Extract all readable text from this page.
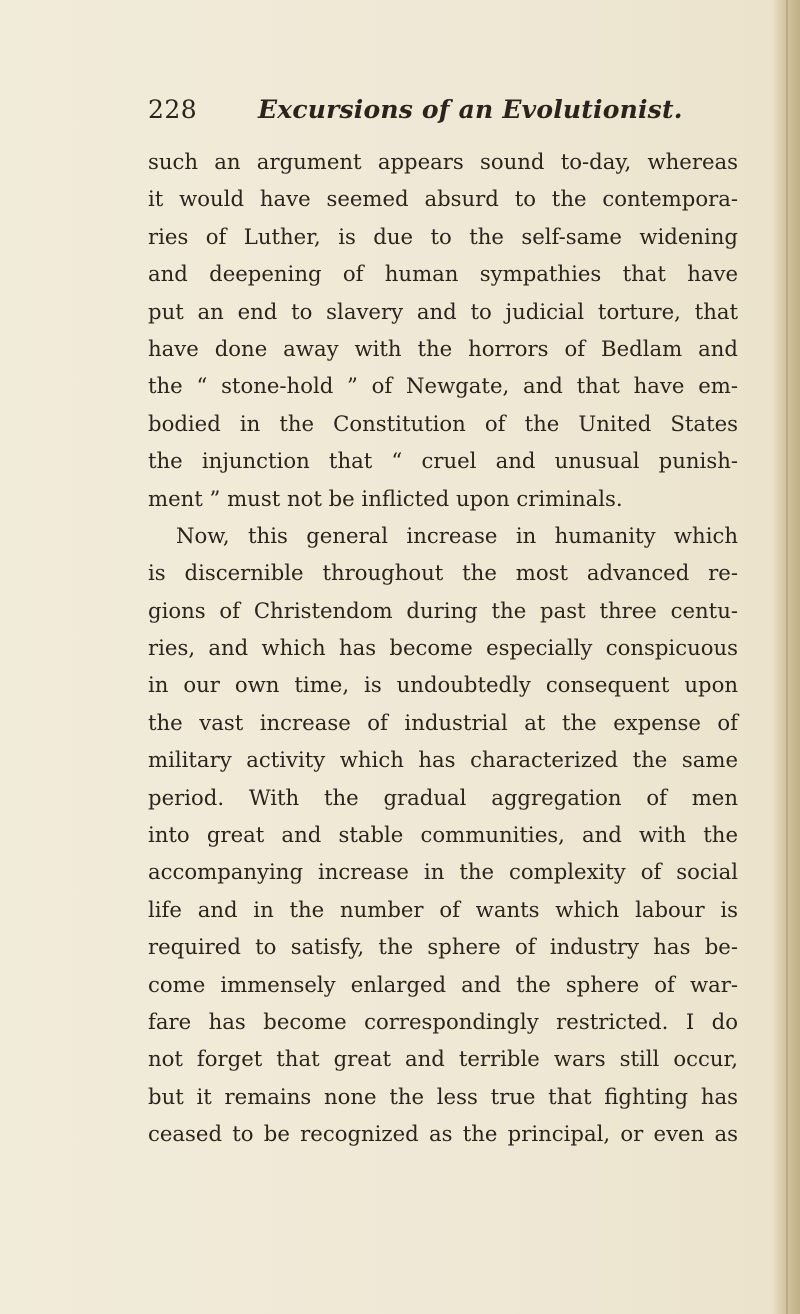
228 Excursions of an Evolutionist.
such an argument appears sound to-day, whereas
it would have seemed absurd to the contempora-
ries of Luther, is due to the self-same widening
and deepening of human sympathies that have
put an end to slavery and to judicial torture, that
have done away with the horrors of Bedlam and
the “ stone-hold ” of Newgate, and that have em-
bodied in the Constitution of the United States
the injunction that “ cruel and unusual punish-
ment ” must not be inflicted upon criminals.
Now, this general increase in humanity which
is discernible throughout the most advanced re-
gions of Christendom during the past three centu-
ries, and which has become especially conspicuous
in our own time, is undoubtedly consequent upon
the vast increase of industrial at the expense of
military activity which has characterized the same
period. With the gradual aggregation of men
into great and stable communities, and with the
accompanying increase in the complexity of social
life and in the number of wants which labour is
required to satisfy, the sphere of industry has be-
come immensely enlarged and the sphere of war-
fare has become correspondingly restricted. I do
not forget that great and terrible wars still occur,
but it remains none the less true that fighting has
ceased to be recognized as the principal, or even as
